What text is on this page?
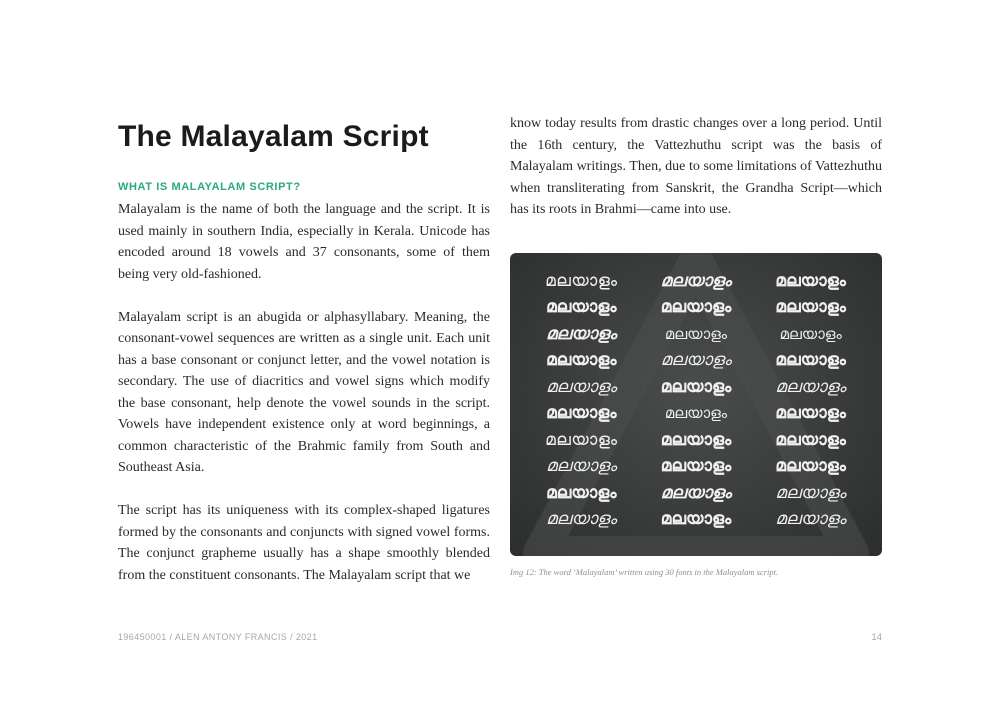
The Malayalam Script
WHAT IS MALAYALAM SCRIPT?

Malayalam is the name of both the language and the script. It is used mainly in southern India, especially in Kerala. Unicode has encoded around 18 vowels and 37 consonants, some of them being very old-fashioned.

Malayalam script is an abugida or alphasyllabary. Meaning, the consonant-vowel sequences are written as a single unit. Each unit has a base consonant or conjunct letter, and the vowel notation is secondary. The use of diacritics and vowel signs which modify the base consonant, help denote the vowel sounds in the script. Vowels have independent existence only at word beginnings, a common characteristic of the Brahmic family from South and Southeast Asia.

The script has its uniqueness with its complex-shaped ligatures formed by the consonants and conjuncts with signed vowel forms. The conjunct grapheme usually has a shape smoothly blended from the constituent consonants. The Malayalam script that we

know today results from drastic changes over a long period. Until the 16th century, the Vattezhuthu script was the basis of Malayalam writings. Then, due to some limitations of Vattezhuthu when transliterating from Sanskrit, the Grandha Script—which has its roots in Brahmi—came into use.

മലയാളം	മലയാളം	മലയാളം
മലയാളം	മലയാളം	മലയാളം
മലയാളം	മലയാളം	മലയാളം
മലയാളം	മലയാളം	മലയാളം
മലയാളം	മലയാളം	മലയാളം
മലയാളം	മലയാളം	മലയാളം
മലയാളം	മലയാളം	മലയാളം
മലയാളം	മലയാളം	മലയാളം
മലയാളം	മലയാളം	മലയാളം
മലയാളം	മലയാളം	മലയാളം

Img 12: The word ‘Malayalam’ written using 30 fonts in the Malayalam script.

196450001 / ALEN ANTONY FRANCIS / 2021	14
